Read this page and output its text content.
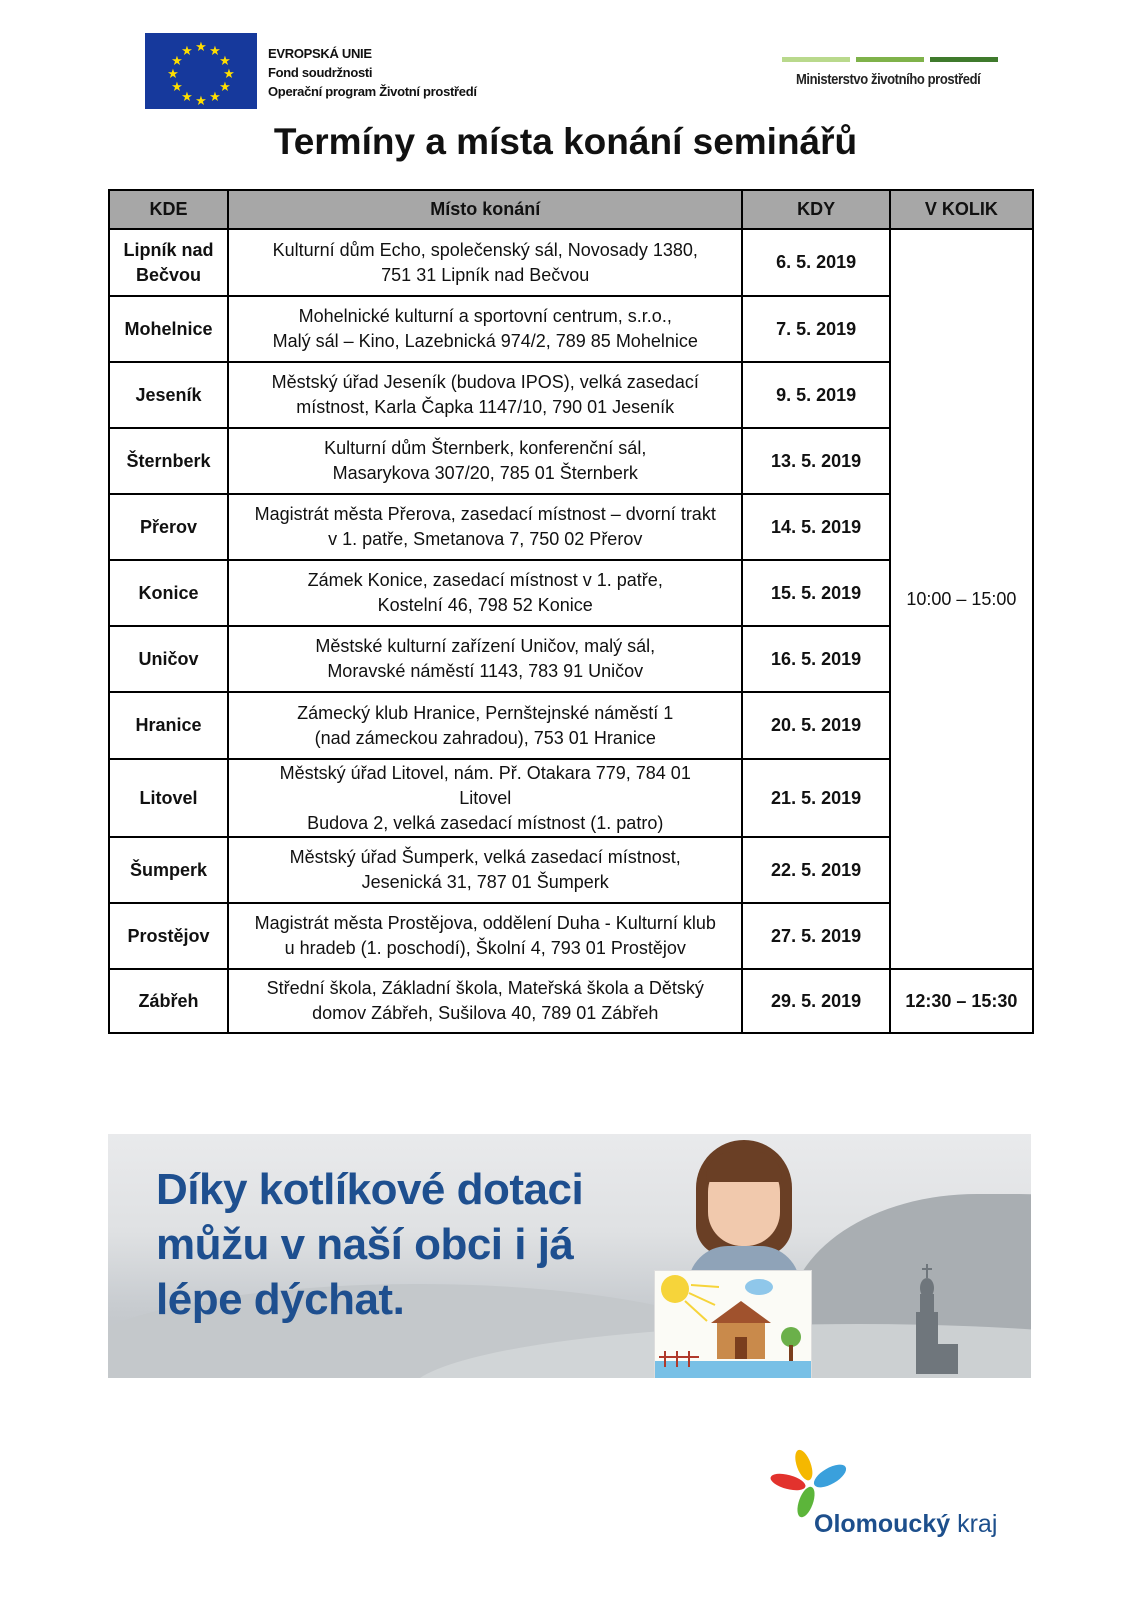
★ ★
★
★
★
★
★
★
★
★
★
★	EVROPSKÁ UNIE
Fond soudržnosti
Operační program Životní prostředí
Ministerstvo životního prostředí
Termíny a místa konání seminářů
KDE	Místo konání	KDY	V KOLIK
Lipník nad Bečvou	Kulturní dům Echo, společenský sál, Novosady 1380,
751 31 Lipník nad Bečvou	6. 5. 2019	10:00 – 15:00
Mohelnice	Mohelnické kulturní a sportovní centrum, s.r.o.,
Malý sál – Kino, Lazebnická 974/2, 789 85 Mohelnice	7. 5. 2019	
Jeseník	Městský úřad Jeseník (budova IPOS), velká zasedací
místnost, Karla Čapka 1147/10, 790 01 Jeseník	9. 5. 2019	
Šternberk	Kulturní dům Šternberk, konferenční sál,
Masarykova 307/20, 785 01 Šternberk	13. 5. 2019	
Přerov	Magistrát města Přerova, zasedací místnost – dvorní trakt
v 1. patře, Smetanova 7, 750 02 Přerov	14. 5. 2019	
Konice	Zámek Konice, zasedací místnost v 1. patře,
Kostelní 46, 798 52 Konice	15. 5. 2019	
Uničov	Městské kulturní zařízení Uničov, malý sál,
Moravské náměstí 1143, 783 91 Uničov	16. 5. 2019	
Hranice	Zámecký klub Hranice, Pernštejnské náměstí 1
(nad zámeckou zahradou), 753 01 Hranice	20. 5. 2019	
Litovel	Městský úřad Litovel, nám. Př. Otakara 779, 784 01
Litovel
Budova 2, velká zasedací místnost (1. patro)	21. 5. 2019	
Šumperk	Městský úřad Šumperk, velká zasedací místnost,
Jesenická 31, 787 01 Šumperk	22. 5. 2019	
Prostějov	Magistrát města Prostějova, oddělení Duha - Kulturní klub
u hradeb (1. poschodí), Školní 4, 793 01 Prostějov	27. 5. 2019	
Zábřeh	Střední škola, Základní škola, Mateřská škola a Dětský
domov Zábřeh, Sušilova 40, 789 01 Zábřeh	29. 5. 2019	12:30 – 15:30
Díky kotlíkové dotaci
můžu v naší obci i já
lépe dýchat.
Olomoucký kraj
